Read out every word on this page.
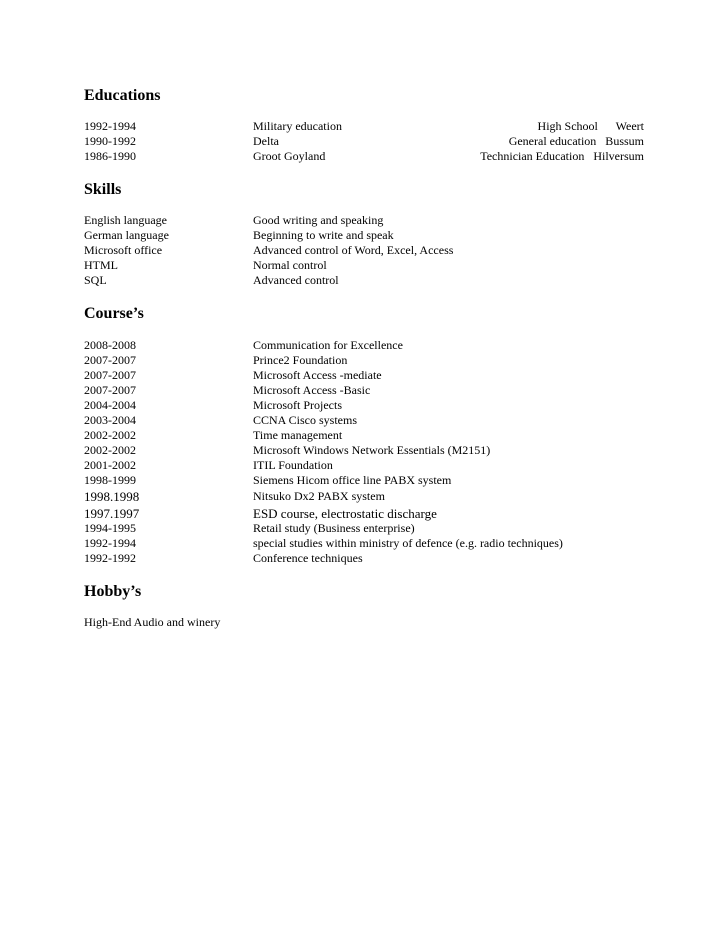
Educations
1992-1994	Military education	High School      Weert
1990-1992	Delta	General education   Bussum
1986-1990	Groot Goyland	Technician Education   Hilversum
Skills
English language	Good writing and speaking
German language	Beginning to write and speak
Microsoft office	Advanced control of Word, Excel, Access
HTML	Normal control
SQL	Advanced control
Course’s
2008-2008	Communication for Excellence
2007-2007	Prince2 Foundation
2007-2007	Microsoft Access -mediate
2007-2007	Microsoft Access -Basic
2004-2004	Microsoft Projects
2003-2004	CCNA Cisco systems
2002-2002	Time management
2002-2002	Microsoft Windows Network Essentials (M2151)
2001-2002	ITIL Foundation
1998-1999	Siemens Hicom office line PABX system
1998.1998	Nitsuko Dx2 PABX system
1997.1997	ESD course, electrostatic discharge
1994-1995	Retail study (Business enterprise)
1992-1994	special studies within ministry of defence (e.g. radio techniques)
1992-1992	Conference techniques
Hobby’s
High-End Audio and winery
